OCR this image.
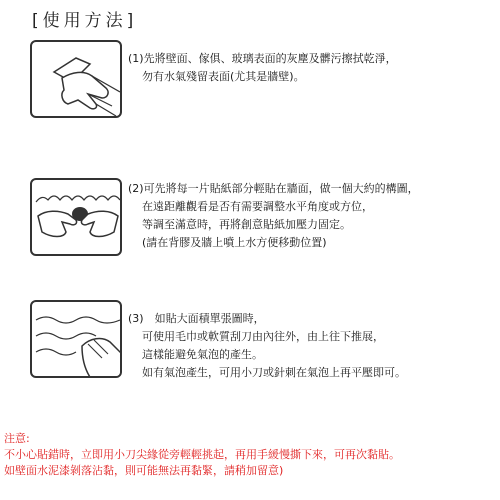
[使用方法]
(1)先將壁面、傢俱、玻璃表面的灰塵及髒污擦拭乾淨，
勿有水氣殘留表面(尤其是牆壁)。
(2)可先將每一片貼紙部分輕貼在牆面，做一個大約的構圖，
在遠距離觀看是否有需要調整水平角度或方位，
等調至滿意時，再將創意貼紙加壓力固定。
(請在背膠及牆上噴上水方便移動位置)
(3)　如貼大面積單張圖時，
可使用毛巾或軟質刮刀由內往外，由上往下推展，
這樣能避免氣泡的產生。
如有氣泡產生，可用小刀或針刺在氣泡上再平壓即可。
注意:
不小心貼錯時，立即用小刀尖緣從旁輕輕挑起，再用手緩慢撕下來，可再次黏貼。
如壁面水泥漆剝落沾黏，則可能無法再黏緊，請稍加留意)
